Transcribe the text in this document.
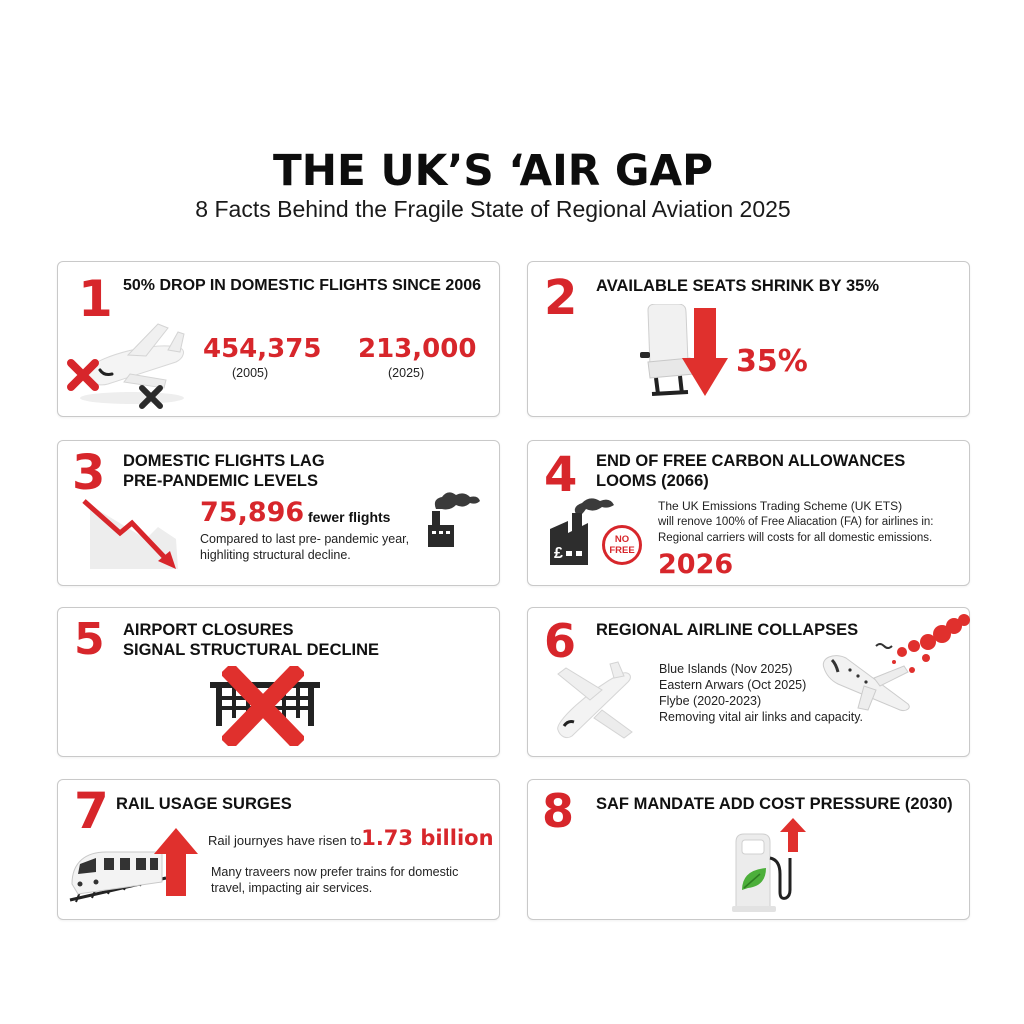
THE UK’S ‘AIR GAP
8 Facts Behind the Fragile State of Regional Aviation 2025
1 50% DROP IN DOMESTIC FLIGHTS SINCE 2006
454,375
(2005)
213,000
(2025)
2 AVAILABLE SEATS SHRINK BY 35%
35%
3 DOMESTIC FLIGHTS LAG
PRE-PANDEMIC LEVELS
75,896 fewer flights
Compared to last pre- pandemic year,
highliting structural decline.
4 END OF FREE CARBON ALLOWANCES
LOOMS (2066)
£
NO
FREE
The UK Emissions Trading Scheme (UK ETS)
will renove 100% of Free Aliacation (FA) for airlines in:
Regional carriers will costs for all domestic emissions.
2026
5 AIRPORT CLOSURES
SIGNAL STRUCTURAL DECLINE	6 REGIONAL AIRLINE COLLAPSES
Blue Islands (Nov 2025)
Eastern Arwars (Oct 2025)
Flybe (2020-2023)
Removing vital air links and capacity.
7 RAIL USAGE SURGES
Rail journyes have risen to1.73 billion
Many traveers now prefer trains for domestic
travel, impacting air services.
8 SAF MANDATE ADD COST PRESSURE (2030)
